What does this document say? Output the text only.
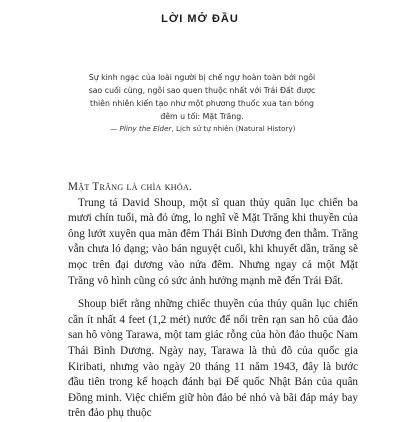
LỜI MỞ ĐẦU

Sự kinh ngạc của loài người bị chế ngự hoàn toàn bởi ngôi sao cuối cùng, ngôi sao quen thuộc nhất với Trái Đất được thiên nhiên kiến tạo như một phương thuốc xua tan bóng đêm u tối: Mặt Trăng.

— Pliny the Elder, Lịch sử tự nhiên (Natural History)

Mặt Trăng là chìa khóa.

Trung tá David Shoup, một sĩ quan thủy quân lục chiến ba mươi chín tuổi, mà đỏ ửng, lo nghĩ về Mặt Trăng khi thuyền của ông lướt xuyên qua màn đêm Thái Bình Dương đen thẫm. Trăng vẫn chưa ló dạng; vào bán nguyệt cuối, khi khuyết dần, trăng sẽ mọc trên đại dương vào nửa đêm. Nhưng ngay cả một Mặt Trăng vô hình cũng có sức ảnh hưởng mạnh mẽ đến Trái Đất.

Shoup biết rằng những chiếc thuyền của thủy quân lục chiến cần ít nhất 4 feet (1,2 mét) nước để nổi trên rạn san hô của đảo san hô vòng Tarawa, một tam giác rỗng của hòn đảo thuộc Nam Thái Bình Dương. Ngày nay, Tarawa là thủ đô của quốc gia Kiribati, nhưng vào ngày 20 tháng 11 năm 1943, đây là bước đầu tiên trong kế hoạch đánh bại Đế quốc Nhật Bản của quân Đồng minh. Việc chiếm giữ hòn đảo bé nhỏ và bãi đáp máy bay trên đảo phụ thuộc
